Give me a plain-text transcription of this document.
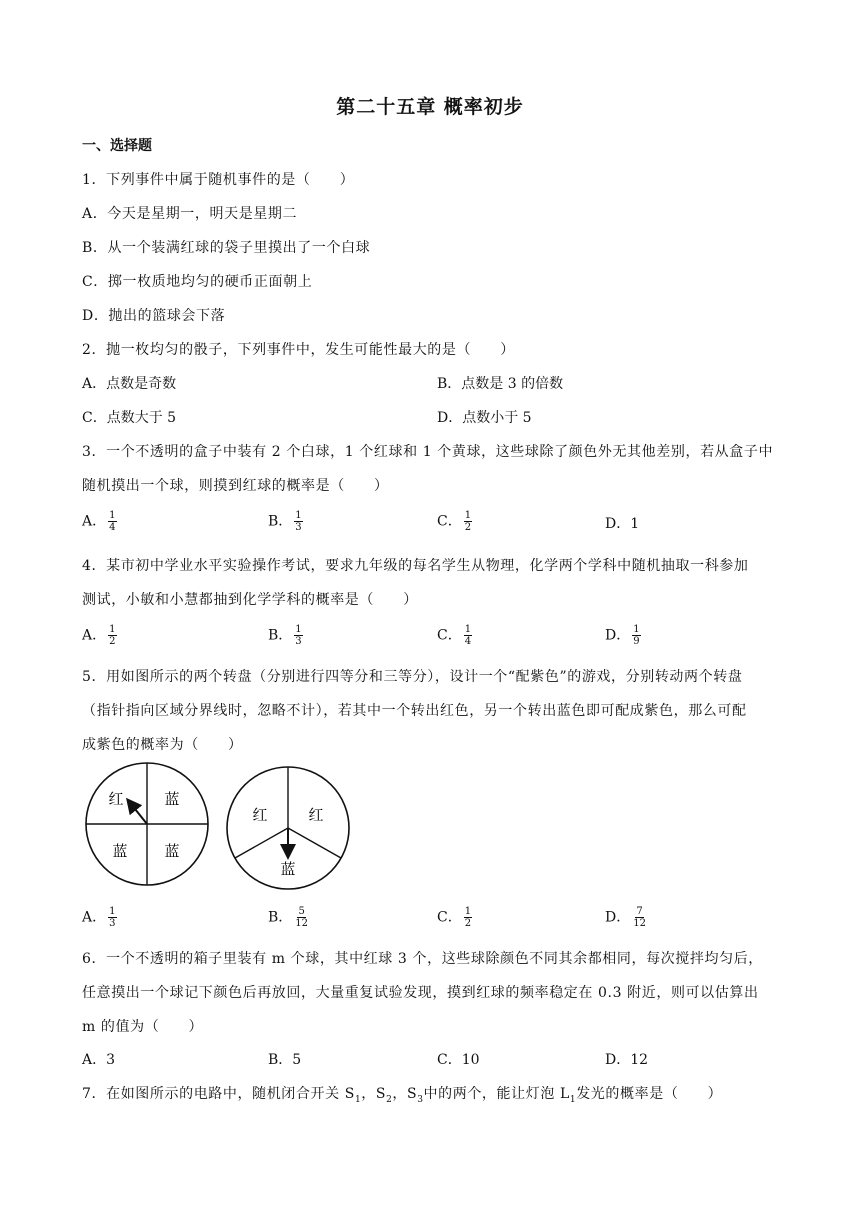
第二十五章 概率初步
一、选择题
1．下列事件中属于随机事件的是（　　）
A．今天是星期一，明天是星期二
B．从一个装满红球的袋子里摸出了一个白球
C．掷一枚质地均匀的硬币正面朝上
D．抛出的篮球会下落
2．抛一枚均匀的骰子，下列事件中，发生可能性最大的是（　　）
A．点数是奇数	B．点数是 3 的倍数
C．点数大于 5	D．点数小于 5
3．一个不透明的盒子中装有 2 个白球，1 个红球和 1 个黄球，这些球除了颜色外无其他差别，若从盒子中
随机摸出一个球，则摸到红球的概率是（　　）
A． $\frac{1}{4}$	B． $\frac{1}{3}$	C． $\frac{1}{2}$	D．1
4．某市初中学业水平实验操作考试，要求九年级的每名学生从物理，化学两个学科中随机抽取一科参加
测试，小敏和小慧都抽到化学学科的概率是（　　）
A． $\frac{1}{2}$	B． $\frac{1}{3}$	C． $\frac{1}{4}$	D． $\frac{1}{9}$
5．用如图所示的两个转盘（分别进行四等分和三等分），设计一个“配紫色”的游戏，分别转动两个转盘
（指针指向区域分界线时，忽略不计），若其中一个转出红色，另一个转出蓝色即可配成紫色，那么可配
成紫色的概率为（　　）
红	蓝
蓝 蓝
红	红
蓝
A． $\frac{1}{3}$	B． $\frac{5}{12}$	C． $\frac{1}{2}$	D． $\frac{7}{12}$
6．一个不透明的箱子里装有 m 个球，其中红球 3 个，这些球除颜色不同其余都相同，每次搅拌均匀后，
任意摸出一个球记下颜色后再放回，大量重复试验发现，摸到红球的频率稳定在 0.3 附近，则可以估算出
m 的值为（　　）
A．3	B．5	C．10	D．12
7．在如图所示的电路中，随机闭合开关 $S_1$，$S_2$，$S_3$中的两个，能让灯泡 $L_1$发光的概率是（　　）
